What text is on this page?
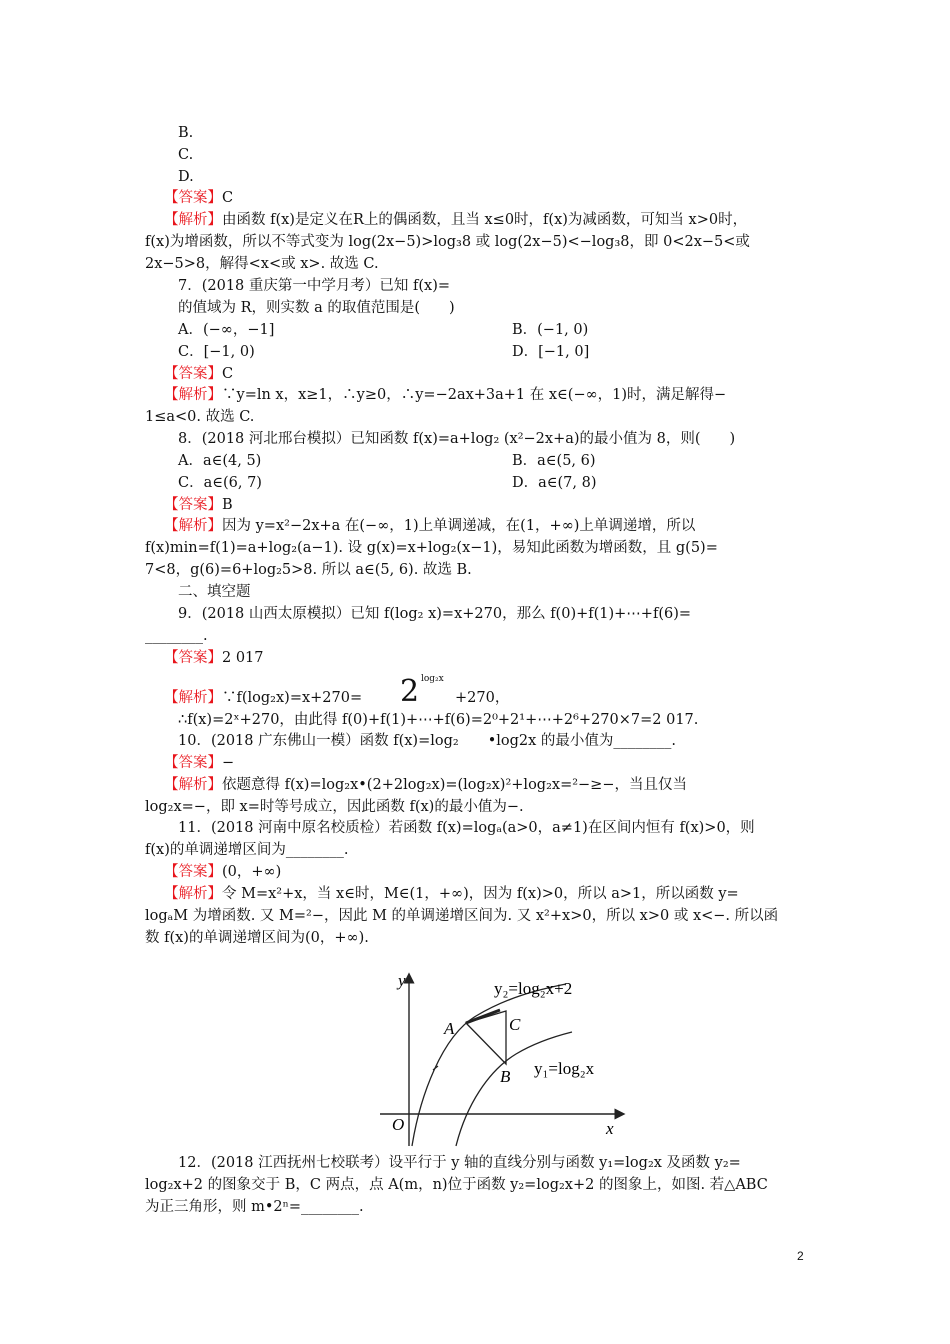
B.
C.
D.
【答案】C
【解析】由函数 f(x)是定义在R上的偶函数，且当 x≤0时，f(x)为减函数，可知当 x>0时，
f(x)为增函数，所以不等式变为 log(2x−5)>log₃8 或 log(2x−5)<−log₃8，即 0<2x−5<或
2x−5>8，解得<x<或 x>. 故选 C.
7．(2018 重庆第一中学月考）已知 f(x)=
的值域为 R，则实数 a 的取值范围是(　　)
A．(−∞，−1]	B．(−1, 0)
C．[−1, 0)	D．[−1, 0]
【答案】C
【解析】∵y=ln x，x≥1，∴y≥0，∴y=−2ax+3a+1 在 x∈(−∞，1)时，满足解得−
1≤a<0. 故选 C.
8．(2018 河北邢台模拟）已知函数 f(x)=a+log₂ (x²−2x+a)的最小值为 8，则(　　)
A．a∈(4, 5)	B．a∈(5, 6)
C．a∈(6, 7)	D．a∈(7, 8)
【答案】B
【解析】因为 y=x²−2x+a 在(−∞，1)上单调递减，在(1，+∞)上单调递增，所以
f(x)min=f(1)=a+log₂(a−1). 设 g(x)=x+log₂(x−1)，易知此函数为增函数，且 g(5)=
7<8，g(6)=6+log₂5>8. 所以 a∈(5, 6). 故选 B.
二、填空题
9．(2018 山西太原模拟）已知 f(log₂ x)=x+270，那么 f(0)+f(1)+⋯+f(6)=
________.
【答案】2 017
【解析】∵f(log₂x)=x+270= 2 log₂x
+270，
∴f(x)=2ˣ+270，由此得 f(0)+f(1)+⋯+f(6)=2⁰+2¹+⋯+2⁶+270×7=2 017.
10．(2018 广东佛山一模）函数 f(x)=log₂　　•log2x 的最小值为________.
【答案】−
【解析】依题意得 f(x)=log₂x•(2+2log₂x)=(log₂x)²+log₂x=²−≥−，当且仅当
log₂x=−，即 x=时等号成立，因此函数 f(x)的最小值为−.
11．(2018 河南中原名校质检）若函数 f(x)=logₐ(a>0，a≠1)在区间内恒有 f(x)>0，则
f(x)的单调递增区间为________.
【答案】(0，+∞)
【解析】令 M=x²+x，当 x∈时，M∈(1，+∞)，因为 f(x)>0，所以 a>1，所以函数 y=
logₐM 为增函数. 又 M=²−，因此 M 的单调递增区间为. 又 x²+x>0，所以 x>0 或 x<−. 所以函
数 f(x)的单调递增区间为(0，+∞).
y
x
O
y₂=log₂x+2
y₁=log₂x
A
B
C
12．(2018 江西抚州七校联考）设平行于 y 轴的直线分别与函数 y₁=log₂x 及函数 y₂=
log₂x+2 的图象交于 B，C 两点，点 A(m，n)位于函数 y₂=log₂x+2 的图象上，如图. 若△ABC
为正三角形，则 m•2ⁿ=________.
2
